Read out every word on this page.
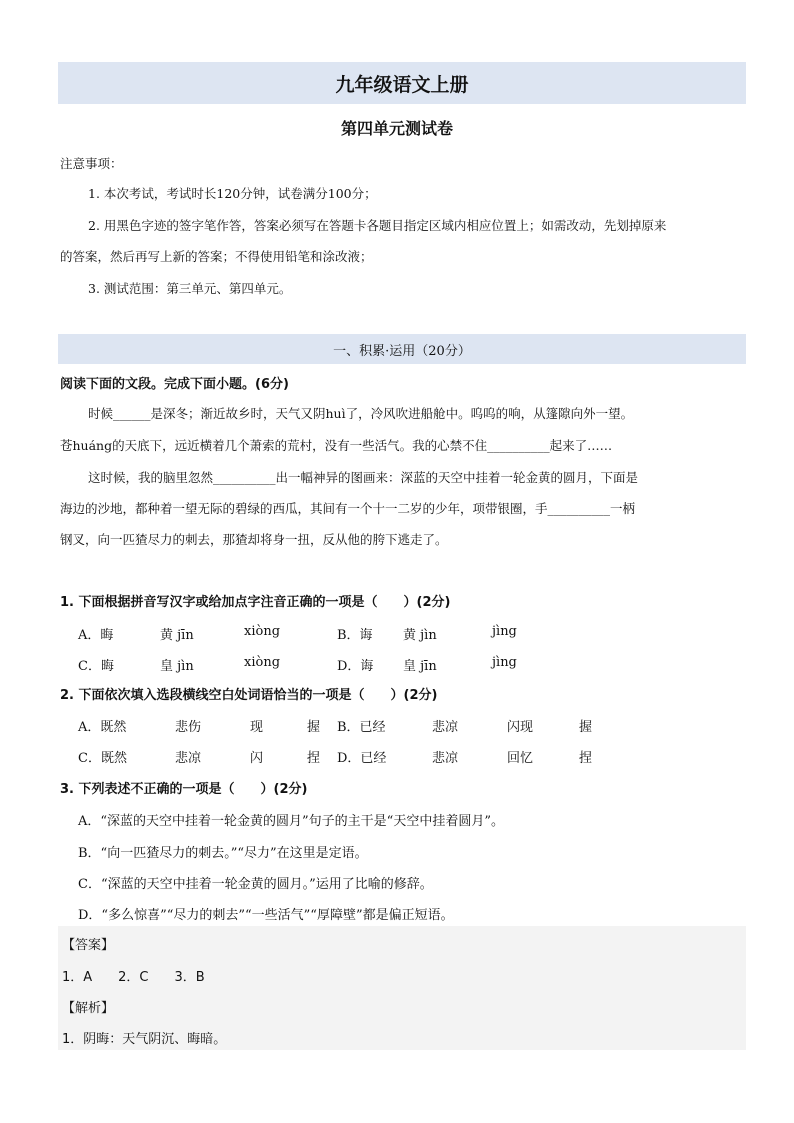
九年级语文上册
第四单元测试卷
注意事项：
1. 本次考试，考试时长120分钟，试卷满分100分；
2. 用黑色字迹的签字笔作答，答案必须写在答题卡各题目指定区域内相应位置上；如需改动，先划掉原来
的答案，然后再写上新的答案；不得使用铅笔和涂改液；
3. 测试范围：第三单元、第四单元。
一、积累·运用（20分）
阅读下面的文段。完成下面小题。(6分)
时候______是深冬；渐近故乡时，天气又阴huì了，冷风吹进船舱中。呜呜的响，从篷隙向外一望。
苍huáng的天底下，远近横着几个萧索的荒村，没有一些活气。我的心禁不住__________起来了……
这时候，我的脑里忽然__________出一幅神异的图画来：深蓝的天空中挂着一轮金黄的圆月，下面是
海边的沙地，都种着一望无际的碧绿的西瓜，其间有一个十一二岁的少年，项带银圈，手__________一柄
钢叉，向一匹猹尽力的刺去，那猹却将身一扭，反从他的胯下逃走了。
1. 下面根据拼音写汉字或给加点字注音正确的一项是（　　）(2分)
A．晦	黄 jīn	xiòng	B．诲 黄 jìn	jìng
C．晦	皇 jìn	xiòng	D．诲 皇 jīn	jìng
2. 下面依次填入选段横线空白处词语恰当的一项是（　　）(2分)
A．既然	悲伤	现	握 B．已经	悲凉	闪现	握
C．既然	悲凉	闪	捏 D．已经	悲凉	回忆	捏
3. 下列表述不正确的一项是（　　）(2分)
A．“深蓝的天空中挂着一轮金黄的圆月”句子的主干是“天空中挂着圆月”。
B．“向一匹猹尽力的刺去。”“尽力”在这里是定语。
C．“深蓝的天空中挂着一轮金黄的圆月。”运用了比喻的修辞。
D．“多么惊喜”“尽力的刺去”“一些活气”“厚障壁”都是偏正短语。
【答案】
1．A　　2．C　　3．B
【解析】
1．阴晦：天气阴沉、晦暗。
